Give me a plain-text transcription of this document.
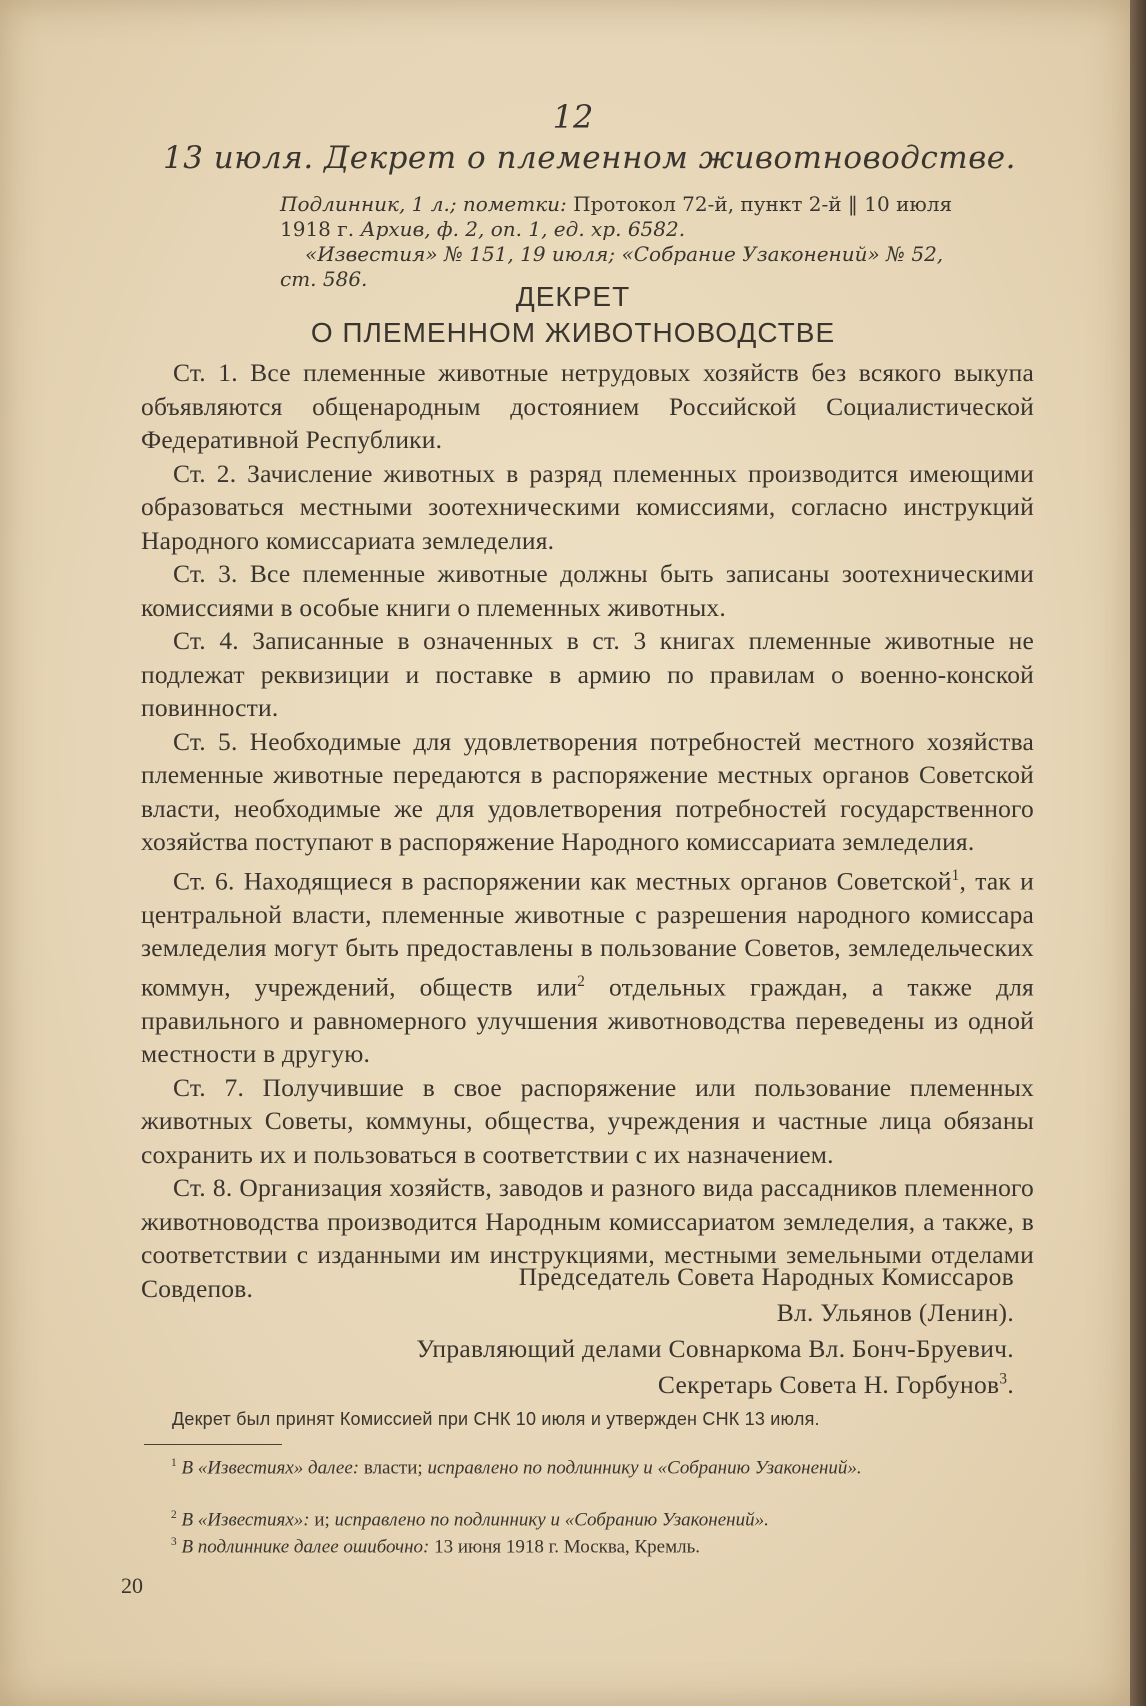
12
13 июля. Декрет о племенном животноводстве.
Подлинник, 1 л.; пометки: Протокол 72-й, пункт 2-й ‖ 10 июля
1918 г. Архив, ф. 2, оп. 1, ед. хр. 6582.
«Известия» № 151, 19 июля; «Собрание Узаконений» № 52,
ст. 586.
ДЕКРЕТ
О ПЛЕМЕННОМ ЖИВОТНОВОДСТВЕ

Ст. 1. Все племенные животные нетрудовых хозяйств без всякого выкупа объявляются общенародным достоянием Российской Социалистической Федеративной Республики.

Ст. 2. Зачисление животных в разряд племенных производится имеющими образоваться местными зоотехническими комиссиями, согласно инструкций Народного комиссариата земледелия.

Ст. 3. Все племенные животные должны быть записаны зоотехническими комиссиями в особые книги о племенных животных.

Ст. 4. Записанные в означенных в ст. 3 книгах племенные животные не подлежат реквизиции и поставке в армию по правилам о военно-конской повинности.

Ст. 5. Необходимые для удовлетворения потребностей местного хозяйства племенные животные передаются в распоряжение местных органов Советской власти, необходимые же для удовлетворения потребностей государственного хозяйства поступают в распоряжение Народного комиссариата земледелия.

Ст. 6. Находящиеся в распоряжении как местных органов Советской$^1$, так и центральной власти, племенные животные с разрешения народного комиссара земледелия могут быть предоставлены в пользование Советов, земледельческих коммун, учреждений, обществ или$^2$ отдельных граждан, а также для правильного и равномерного улучшения животноводства переведены из одной местности в другую.

Ст. 7. Получившие в свое распоряжение или пользование племенных животных Советы, коммуны, общества, учреждения и частные лица обязаны сохранить их и пользоваться в соответствии с их назначением.

Ст. 8. Организация хозяйств, заводов и разного вида рассадников племенного животноводства производится Народным комиссариатом земледелия, а также, в соответствии с изданными им инструкциями, местными земельными отделами Совдепов.	Председатель Совета Народных Комиссаров
Вл. Ульянов (Ленин).
Управляющий делами Совнаркома Вл. Бонч-Бруевич.
Секретарь Совета Н. Горбунов$^3$.
Декрет был принят Комиссией при СНК 10 июля и утвержден СНК 13 июля.
$^1$ В «Известиях» далее: власти; исправлено по подлиннику и «Собранию Узаконений».
$^2$ В «Известиях»: и; исправлено по подлиннику и «Собранию Узаконений».
$^3$ В подлиннике далее ошибочно: 13 июня 1918 г. Москва, Кремль.
20
